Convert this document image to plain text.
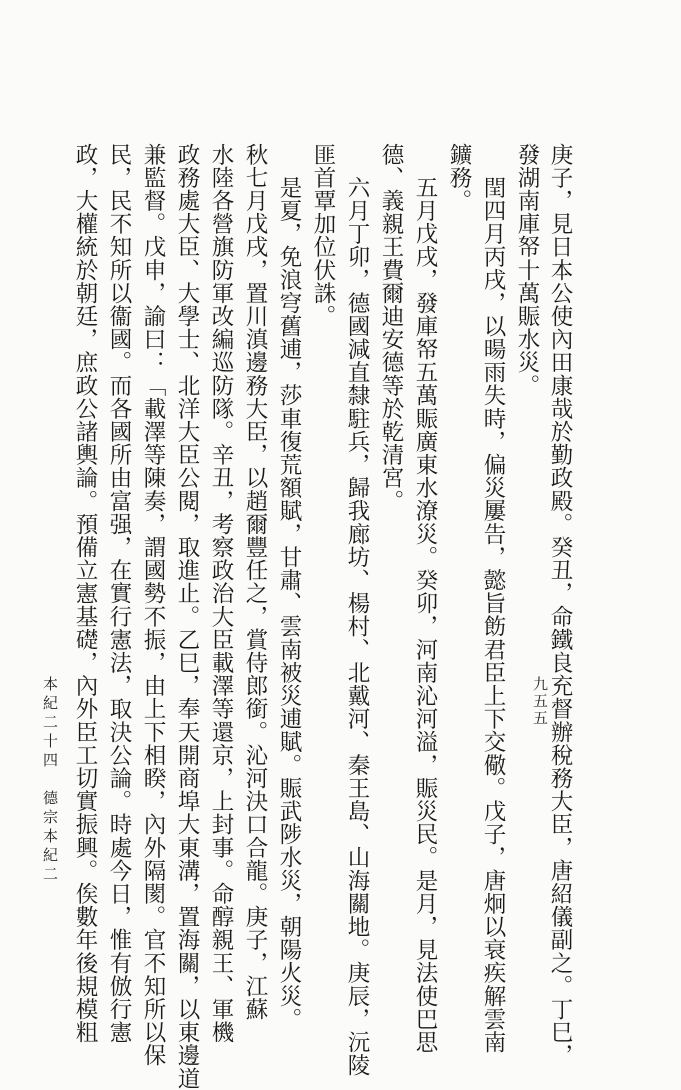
庚子，見日本公使內田康哉於勤政殿。癸丑，命鐵良充督辦稅務大臣，唐紹儀副之。丁巳，
發湖南庫帑十萬賑水災。
閏四月丙戌，以暘雨失時，偏災屢告，懿旨飭君臣上下交儆。戊子，唐炯以衰疾解雲南
鑛務。
五月戊戌，發庫帑五萬賑廣東水潦災。癸卯，河南沁河溢，賑災民。是月，見法使巴思
德、義親王費爾迪安德等於乾清宮。
六月丁卯，德國減直隸駐兵，歸我廊坊、楊村、北戴河、秦王島、山海關地。庚辰，沅陵
匪首覃加位伏誅。
是夏，免浪穹舊逋，莎車復荒額賦，甘肅、雲南被災逋賦。賑武陟水災，朝陽火災。
秋七月戊戌，置川滇邊務大臣，以趙爾豐任之，賞侍郎銜。沁河決口合龍。庚子，江蘇
水陸各營旗防軍改編巡防隊。辛丑，考察政治大臣載澤等還京，上封事。命醇親王、軍機
政務處大臣、大學士、北洋大臣公閱，取進止。乙巳，奉天開商埠大東溝，置海關，以東邊道
兼監督。戊申，諭曰：「載澤等陳奏，謂國勢不振，由上下相睽，內外隔閡。官不知所以保
民，民不知所以衞國。而各國所由富强，在實行憲法，取決公論。時處今日，惟有倣行憲
政，大權統於朝廷，庶政公諸輿論。預備立憲基礎，內外臣工切實振興。俟數年後規模粗
本紀二十四　德宗本紀二	九五五
